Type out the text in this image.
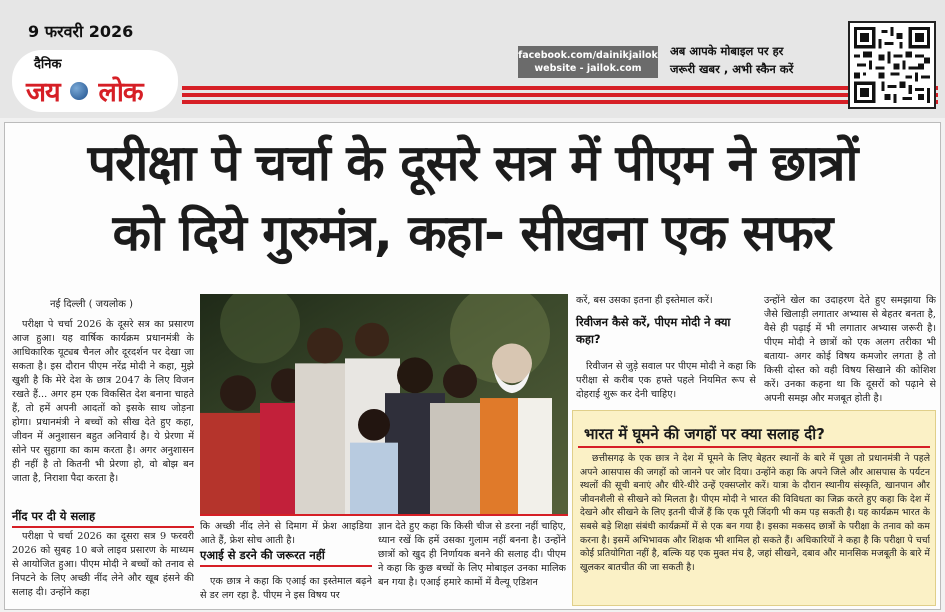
9 फरवरी 2026
दैनिक
जय लोक
facebook.com/dainikjailok
website - jailok.com
अब आपके मोबाइल पर हर
जरूरी खबर , अभी स्कैन करें
परीक्षा पे चर्चा के दूसरे सत्र में पीएम ने छात्रों
को दिये गुरुमंत्र, कहा- सीखना एक सफर
नई दिल्ली ( जयलोक )

परीक्षा पे चर्चा 2026 के दूसरे सत्र का प्रसारण आज हुआ। यह वार्षिक कार्यक्रम प्रधानमंत्री के आधिकारिक यूट्यब चैनल और दूरदर्शन पर देखा जा सकता है। इस दौरान पीएम नरेंद्र मोदी ने कहा, मुझे खुशी है कि मेरे देश के छात्र 2047 के लिए विजन रखते हैं... अगर हम एक विकसित देश बनाना चाहते हैं, तो हमें अपनी आदतों को इसके साथ जोड़ना होगा। प्रधानमंत्री ने बच्चों को सीख देते हुए कहा, जीवन में अनुशासन बहुत अनिवार्य है। ये प्रेरणा में सोने पर सुहागा का काम करता है। अगर अनुशासन ही नहीं है तो कितनी भी प्रेरणा हो, वो बोझ बन जाता है, निराशा पैदा करता है।

नींद पर दी ये सलाह

परीक्षा पे चर्चा 2026 का दूसरा सत्र 9 फरवरी 2026 को सुबह 10 बजे लाइव प्रसारण के माध्यम से आयोजित हुआ। पीएम मोदी ने बच्चों को तनाव से निपटने के लिए अच्छी नींद लेने और खूब हंसने की सलाह दी। उन्होंने कहा

कि अच्छी नींद लेने से दिमाग में फ्रेश आइडिया आते हैं, फ्रेश सोच आती है।

एआई से डरने की जरूरत नहीं

एक छात्र ने कहा कि एआई का इस्तेमाल बढ़ने से डर लग रहा है. पीएम ने इस विषय पर

करें, बस उसका इतना ही इस्तेमाल करें।

रिवीजन कैसे करें, पीएम मोदी ने क्या कहा?

रिवीजन से जुड़े सवाल पर पीएम मोदी ने कहा कि परीक्षा से करीब एक हफ्ते पहले नियमित रूप से दोहराई शुरू कर देनी चाहिए।

ज्ञान देते हुए कहा कि किसी चीज से डरना नहीं चाहिए, ध्यान रखें कि हमें उसका गुलाम नहीं बनना है। उन्होंने छात्रों को खुद ही निर्णायक बनने की सलाह दी। पीएम ने कहा कि कुछ बच्चों के लिए मोबाइल उनका मालिक बन गया है। एआई हमारे कामों में वैल्यू एडिशन

उन्होंने खेल का उदाहरण देते हुए समझाया कि जैसे खिलाड़ी लगातार अभ्यास से बेहतर बनता है, वैसे ही पढ़ाई में भी लगातार अभ्यास जरूरी है। पीएम मोदी ने छात्रों को एक अलग तरीका भी बताया- अगर कोई विषय कमजोर लगता है तो किसी दोस्त को वही विषय सिखाने की कोशिश करें। उनका कहना था कि दूसरों को पढ़ाने से अपनी समझ और मजबूत होती है।

भारत में घूमने की जगहों पर क्या सलाह दी?

छत्तीसगढ़ के एक छात्र ने देश में घूमने के लिए बेहतर स्थानों के बारे में पूछा तो प्रधानमंत्री ने पहले अपने आसपास की जगहों को जानने पर जोर दिया। उन्होंने कहा कि अपने जिले और आसपास के पर्यटन स्थलों की सूची बनाएं और धीरे-धीरे उन्हें एक्सप्लोर करें। यात्रा के दौरान स्थानीय संस्कृति, खानपान और जीवनशैली से सीखने को मिलता है। पीएम मोदी ने भारत की विविधता का जिक्र करते हुए कहा कि देश में देखने और सीखने के लिए इतनी चीजें हैं कि एक पूरी जिंदगी भी कम पड़ सकती है। यह कार्यक्रम भारत के सबसे बड़े शिक्षा संबंधी कार्यक्रमों में से एक बन गया है। इसका मकसद छात्रों के परीक्षा के तनाव को कम करना है। इसमें अभिभावक और शिक्षक भी शामिल हो सकते हैं। अधिकारियों ने कहा है कि परीक्षा पे चर्चा कोई प्रतियोगिता नहीं है, बल्कि यह एक मुक्त मंच है, जहां सीखने, दबाव और मानसिक मजबूती के बारे में खुलकर बातचीत की जा सकती है।
